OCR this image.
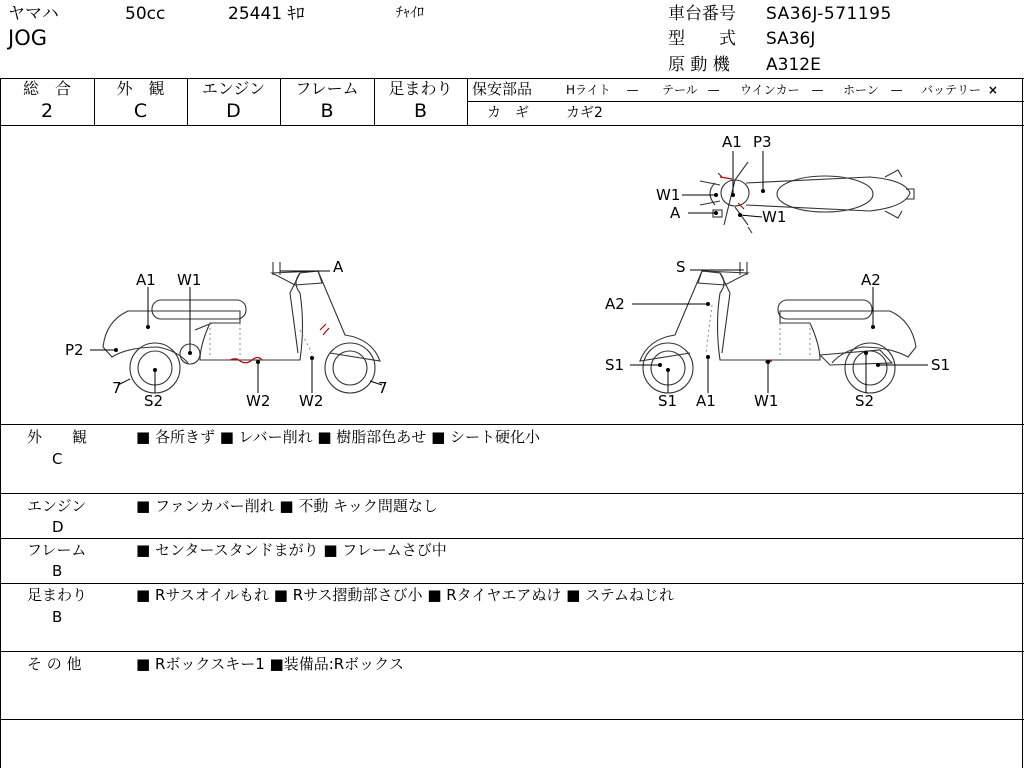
ヤマハ	50cc	25441 ｷﾛ	ﾁｬｲﾛ
JOG
車台番号 SA36J-571195
型　　式 SA36J
原 動 機 A312E
総　合
2
外　観
C
エンジン
D
フレーム
B
足まわり
B
保安部品	Hライト — テール — ウインカー — ホーン — バッテリー ×
カ　ギ	カギ2
A1 P3
W1
A	W1
A1 W1
A
P2
7
S2	W2 W2
7
S
A2
A2
S1
S1 A1	W1	S2
S1
外　　観
C
■ 各所きず ■ レバー削れ ■ 樹脂部色あせ ■ シート硬化小
エンジン
D
■ ファンカバー削れ ■ 不動 キック問題なし
フレーム
B
■ センタースタンドまがり ■ フレームさび中
足まわり
B
■ Rサスオイルもれ ■ Rサス摺動部さび小 ■ Rタイヤエアぬけ ■ ステムねじれ
そ の 他	■ Rボックスキー1 ■装備品:Rボックス
